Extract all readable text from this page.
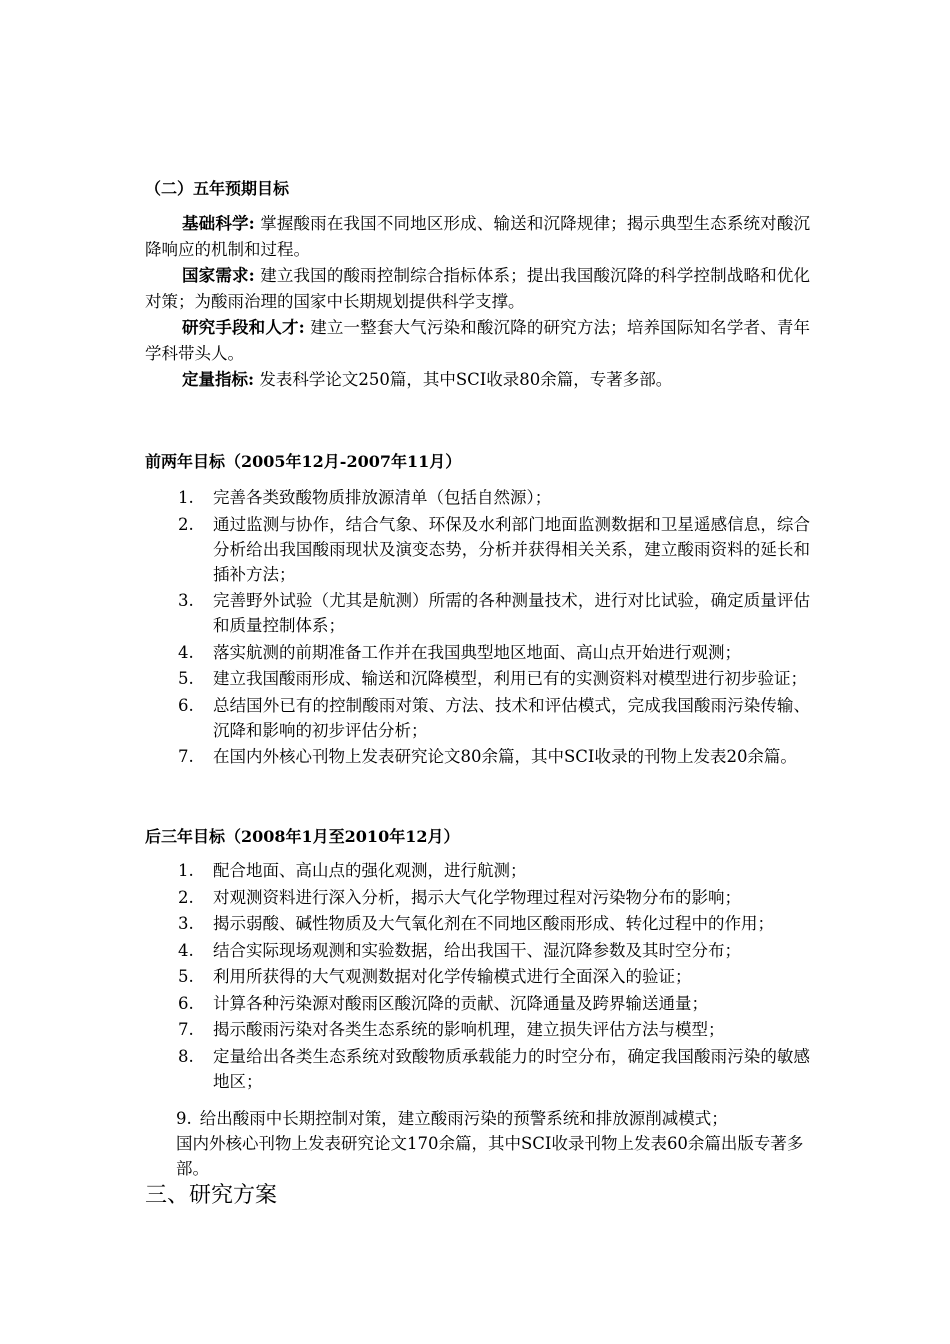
（二）五年预期目标

基础科学: 掌握酸雨在我国不同地区形成、输送和沉降规律；揭示典型生态系统对酸沉降响应的机制和过程。

国家需求: 建立我国的酸雨控制综合指标体系；提出我国酸沉降的科学控制战略和优化对策；为酸雨治理的国家中长期规划提供科学支撑。

研究手段和人才: 建立一整套大气污染和酸沉降的研究方法；培养国际知名学者、青年学科带头人。

定量指标: 发表科学论文250篇，其中SCI收录80余篇，专著多部。

前两年目标（2005年12月-2007年11月）

1. 完善各类致酸物质排放源清单（包括自然源）；
2. 通过监测与协作，结合气象、环保及水利部门地面监测数据和卫星遥感信息，综合分析给出我国酸雨现状及演变态势，分析并获得相关关系，建立酸雨资料的延长和插补方法；
3. 完善野外试验（尤其是航测）所需的各种测量技术，进行对比试验，确定质量评估和质量控制体系；
4. 落实航测的前期准备工作并在我国典型地区地面、高山点开始进行观测；
5. 建立我国酸雨形成、输送和沉降模型，利用已有的实测资料对模型进行初步验证；
6. 总结国外已有的控制酸雨对策、方法、技术和评估模式，完成我国酸雨污染传输、沉降和影响的初步评估分析；
7. 在国内外核心刊物上发表研究论文80余篇，其中SCI收录的刊物上发表20余篇。

后三年目标（2008年1月至2010年12月）

1. 配合地面、高山点的强化观测，进行航测；
2. 对观测资料进行深入分析，揭示大气化学物理过程对污染物分布的影响；
3. 揭示弱酸、碱性物质及大气氧化剂在不同地区酸雨形成、转化过程中的作用；
4. 结合实际现场观测和实验数据，给出我国干、湿沉降参数及其时空分布；
5. 利用所获得的大气观测数据对化学传输模式进行全面深入的验证；
6. 计算各种污染源对酸雨区酸沉降的贡献、沉降通量及跨界输送通量；
7. 揭示酸雨污染对各类生态系统的影响机理，建立损失评估方法与模型；
8. 定量给出各类生态系统对致酸物质承载能力的时空分布，确定我国酸雨污染的敏感地区；

9. 给出酸雨中长期控制对策，建立酸雨污染的预警系统和排放源削减模式；
国内外核心刊物上发表研究论文170余篇，其中SCI收录刊物上发表60余篇出版专著多部。

三、研究方案
